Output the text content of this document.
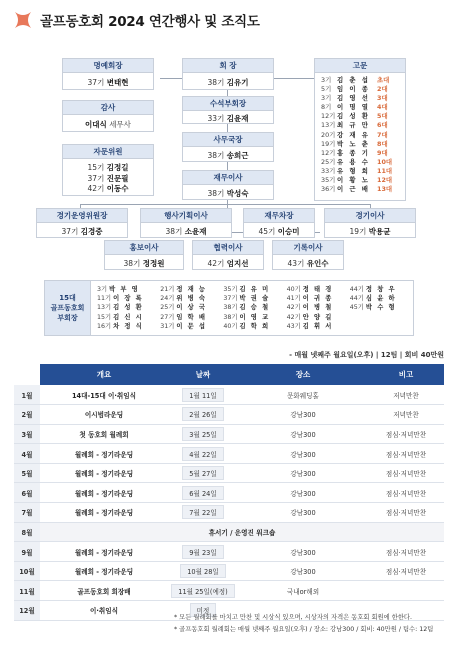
골프동호회 2024 연간행사 및 조직도
명예회장
37기 변태현
감사
이대식 세무사
자문위원
15기 김정길
37기 진문필
42기 이동수
회 장
38기 김유기
수석부회장
33기 김윤재
사무국장
38기 송희근
재무이사
38기 박성숙
고문
3기 김 춘 섭	초대
5기 임 이 종	2대
3기 김 영 선	3대
8기 이 명 열	4대
12기 김 성 환	5대
13기 최 규 만	6대
20기 강 재 유	7대
19기 박 노 춘	8대
12기 홍 종 기	9대
25기 유 용 수	10대
33기 유 형 희	11대
35기 이 황 노	12대
36기 이 근 배	13대
경기운영위원장
37기 김경중
행사기획이사
38기 소윤재
재무차장
45기 이승미
경기이사
19기 박용균
홍보이사
38기 정정원
협력이사
42기 엄지선
기록이사
43기 유인수
15대
골프동호회
부회장
3기 박 부 영
11기 이 장 록
13기 김 성 환
15기 김 신 시
16기 차 정 식
21기 정 재 능
24기 위 병 숙
25기 이 상 국
27기 임 학 배
31기 이 문 섭
35기 김 유 미
37기 박 권 술
38기 김 승 철
38기 이 영 교
40기 김 학 희
40기 정 태 경
41기 이 귀 종
42기 이 병 철
42기 안 양 길
43기 김 휘 서
44기 정 창 우
44기 심 윤 하
45기 박 수 형
- 매월 넷째주 월요일(오후) | 12팀 | 회비 40만원
	개요	날짜	장소	비고
1월	14대-15대 이·취임식	1월 11일	문화웨딩홀	저녁만찬
2월	이시범라운딩	2월 26일	강남300	저녁만찬
3월	첫 동호회 월례회	3월 25일	강남300	점심·저녁만찬
4월	월례회 - 정기라운딩	4월 22일	강남300	점심·저녁만찬
5월	월례회 - 정기라운딩	5월 27일	강남300	점심·저녁만찬
6월	월례회 - 정기라운딩	6월 24일	강남300	점심·저녁만찬
7월	월례회 - 정기라운딩	7월 22일	강남300	점심·저녁만찬
8월	휴서기 / 운영진 워크숍			
9월	월례회 - 정기라운딩	9월 23일	강남300	점심·저녁만찬
10월	월례회 - 정기라운딩	10월 28일	강남300	점심·저녁만찬
11월	골프동호회 회장배	11월 25일(예정)	국내or해외	
12월	이·취임식	미정		
* 모든 월례회를 마치고 만찬 및 시상식 있으며, 시상자의 자격은 동호회 회원에 한한다.
* 골프동호회 월례회는 매월 넷째주 월요일(오후) / 장소: 강남300 / 회비: 40만원 / 팀수: 12팀
